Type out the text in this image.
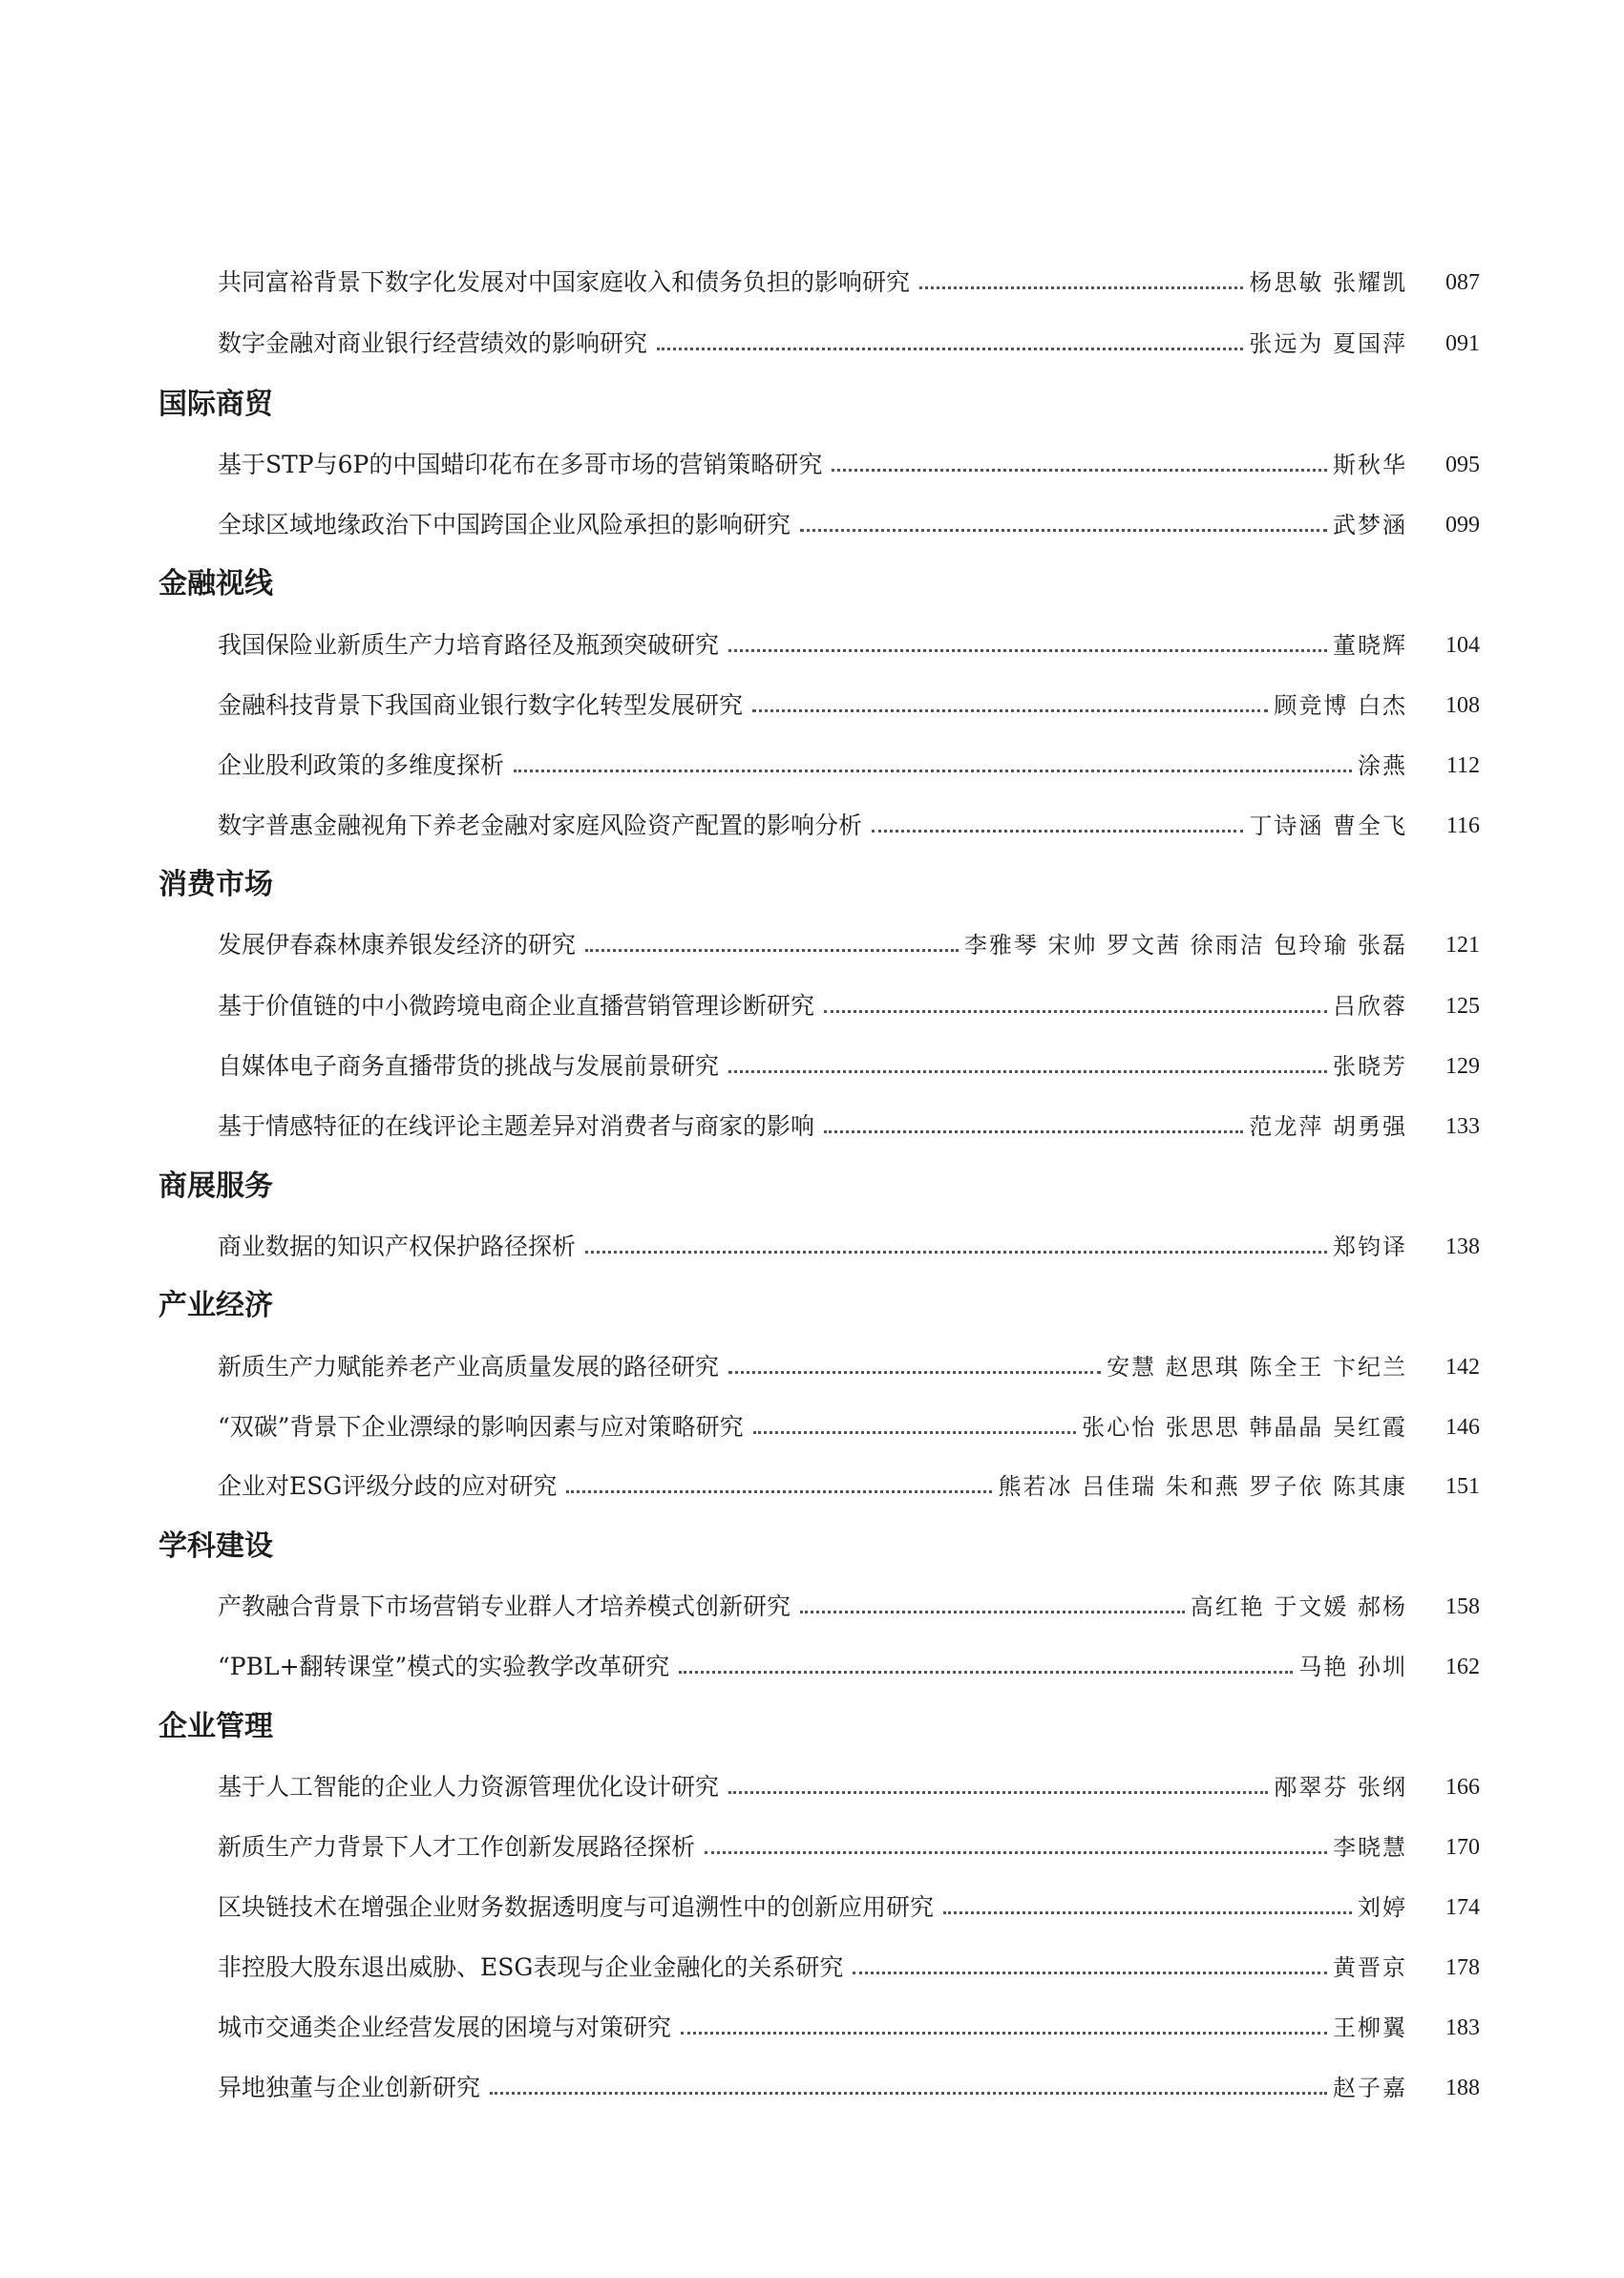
共同富裕背景下数字化发展对中国家庭收入和债务负担的影响研究	杨思敏 张耀凯	087
数字金融对商业银行经营绩效的影响研究	张远为 夏国萍	091
国际商贸
基于STP与6P的中国蜡印花布在多哥市场的营销策略研究	斯秋华	095
全球区域地缘政治下中国跨国企业风险承担的影响研究	武梦涵	099
金融视线
我国保险业新质生产力培育路径及瓶颈突破研究	董晓辉	104
金融科技背景下我国商业银行数字化转型发展研究	顾竞博 白杰	108
企业股利政策的多维度探析	涂燕	112
数字普惠金融视角下养老金融对家庭风险资产配置的影响分析	丁诗涵 曹全飞	116
消费市场
发展伊春森林康养银发经济的研究	李雅琴 宋帅 罗文茜 徐雨洁 包玲瑜 张磊	121
基于价值链的中小微跨境电商企业直播营销管理诊断研究	吕欣蓉	125
自媒体电子商务直播带货的挑战与发展前景研究	张晓芳	129
基于情感特征的在线评论主题差异对消费者与商家的影响	范龙萍 胡勇强	133
商展服务
商业数据的知识产权保护路径探析	郑钧译	138
产业经济
新质生产力赋能养老产业高质量发展的路径研究	安慧 赵思琪 陈全王 卞纪兰	142
“双碳”背景下企业漂绿的影响因素与应对策略研究	张心怡 张思思 韩晶晶 吴红霞	146
企业对ESG评级分歧的应对研究	熊若冰 吕佳瑞 朱和燕 罗子依 陈其康	151
学科建设
产教融合背景下市场营销专业群人才培养模式创新研究	高红艳 于文媛 郝杨	158
“PBL+翻转课堂”模式的实验教学改革研究	马艳 孙圳	162
企业管理
基于人工智能的企业人力资源管理优化设计研究	邴翠芬 张纲	166
新质生产力背景下人才工作创新发展路径探析	李晓慧	170
区块链技术在增强企业财务数据透明度与可追溯性中的创新应用研究	刘婷	174
非控股大股东退出威胁、ESG表现与企业金融化的关系研究	黄晋京	178
城市交通类企业经营发展的困境与对策研究	王柳翼	183
异地独董与企业创新研究	赵子嘉	188
